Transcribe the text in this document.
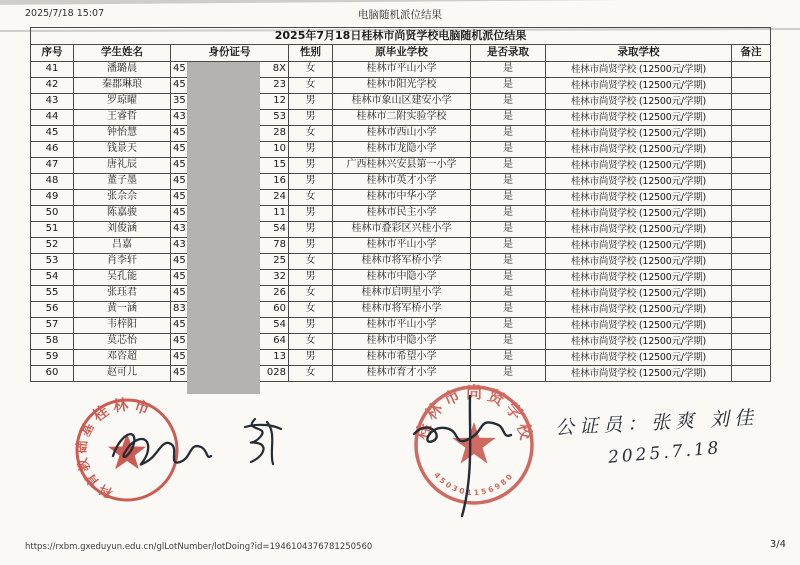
2025/7/18 15:07	电脑随机派位结果
2025年7月18日桂林市尚贤学校电脑随机派位结果							
序号	学生姓名	身份证号	性别	原毕业学校	是否录取	录取学校	备注
41	潘璐晨	45 8X	女	桂林市平山小学	是	桂林市尚贤学校 (12500元/学期)	
42	秦郡琳琅	45 23	女	桂林市阳光学校	是	桂林市尚贤学校 (12500元/学期)	
43	罗琼曜	35 12	男	桂林市象山区建安小学	是	桂林市尚贤学校 (12500元/学期)	
44	王睿哲	43 53	男	桂林市二附实验学校	是	桂林市尚贤学校 (12500元/学期)	
45	钟怡慧	45 28	女	桂林市西山小学	是	桂林市尚贤学校 (12500元/学期)	
46	钱景天	45 10	男	桂林市龙隐小学	是	桂林市尚贤学校 (12500元/学期)	
47	唐礼辰	45 15	男	广西桂林兴安县第一小学	是	桂林市尚贤学校 (12500元/学期)	
48	董子墨	45 16	男	桂林市英才小学	是	桂林市尚贤学校 (12500元/学期)	
49	张佘佘	45 24	女	桂林市中华小学	是	桂林市尚贤学校 (12500元/学期)	
50	陈嘉骏	45 11	男	桂林市民主小学	是	桂林市尚贤学校 (12500元/学期)	
51	刘俊涵	43 54	男	桂林市叠彩区兴桂小学	是	桂林市尚贤学校 (12500元/学期)	
52	吕嘉	43 78	男	桂林市平山小学	是	桂林市尚贤学校 (12500元/学期)	
53	肖李轩	45 25	女	桂林市将军桥小学	是	桂林市尚贤学校 (12500元/学期)	
54	吴孔能	45 32	男	桂林市中隐小学	是	桂林市尚贤学校 (12500元/学期)	
55	张珏君	45 26	女	桂林市启明星小学	是	桂林市尚贤学校 (12500元/学期)	
56	黄一涵	83 60	女	桂林市将军桥小学	是	桂林市尚贤学校 (12500元/学期)	
57	韦梓阳	45 54	男	桂林市平山小学	是	桂林市尚贤学校 (12500元/学期)	
58	莫芯怡	45 64	女	桂林市中隐小学	是	桂林市尚贤学校 (12500元/学期)	
59	邓咨超	45 13	男	桂林市希望小学	是	桂林市尚贤学校 (12500元/学期)	
60	赵可儿	45 028	女	桂林市育才小学	是	桂林市尚贤学校 (12500元/学期)	
桂 林 市
基
础
教
育
科
桂
林
市 尚 贤
学
校
450301156980
公证员：张爽 刘佳
2025.7.18
https://rxbm.gxeduyun.edu.cn/glLotNumber/lotDoing?id=1946104376781250560	3/4
